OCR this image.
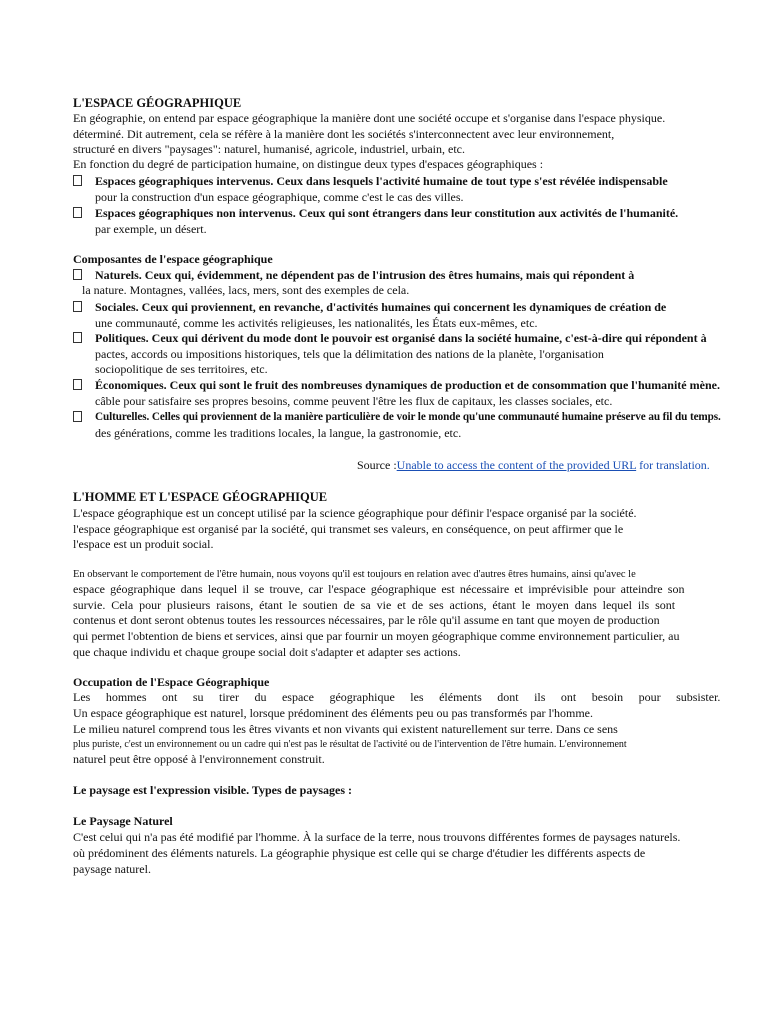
L'ESPACE GÉOGRAPHIQUE
En géographie, on entend par espace géographique la manière dont une société occupe et s'organise dans l'espace physique.
déterminé. Dit autrement, cela se réfère à la manière dont les sociétés s'interconnectent avec leur environnement,
structuré en divers "paysages": naturel, humanisé, agricole, industriel, urbain, etc.
En fonction du degré de participation humaine, on distingue deux types d'espaces géographiques :
Espaces géographiques intervenus. Ceux dans lesquels l'activité humaine de tout type s'est révélée indispensable
pour la construction d'un espace géographique, comme c'est le cas des villes.
Espaces géographiques non intervenus. Ceux qui sont étrangers dans leur constitution aux activités de l'humanité.
par exemple, un désert.
Composantes de l'espace géographique
Naturels. Ceux qui, évidemment, ne dépendent pas de l'intrusion des êtres humains, mais qui répondent à
la nature. Montagnes, vallées, lacs, mers, sont des exemples de cela.
Sociales. Ceux qui proviennent, en revanche, d'activités humaines qui concernent les dynamiques de création de
une communauté, comme les activités religieuses, les nationalités, les États eux-mêmes, etc.
Politiques. Ceux qui dérivent du mode dont le pouvoir est organisé dans la société humaine, c'est-à-dire qui répondent à
pactes, accords ou impositions historiques, tels que la délimitation des nations de la planète, l'organisation
sociopolitique de ses territoires, etc.
Économiques. Ceux qui sont le fruit des nombreuses dynamiques de production et de consommation que l'humanité mène.
câble pour satisfaire ses propres besoins, comme peuvent l'être les flux de capitaux, les classes sociales, etc.
Culturelles. Celles qui proviennent de la manière particulière de voir le monde qu'une communauté humaine préserve au fil du temps.
des générations, comme les traditions locales, la langue, la gastronomie, etc.
Source :Unable to access the content of the provided URL for translation.
L'HOMME ET L'ESPACE GÉOGRAPHIQUE
L'espace géographique est un concept utilisé par la science géographique pour définir l'espace organisé par la société.
l'espace géographique est organisé par la société, qui transmet ses valeurs, en conséquence, on peut affirmer que le
l'espace est un produit social.
En observant le comportement de l'être humain, nous voyons qu'il est toujours en relation avec d'autres êtres humains, ainsi qu'avec le
espace géographique dans lequel il se trouve, car l'espace géographique est nécessaire et imprévisible pour atteindre son
survie. Cela pour plusieurs raisons, étant le soutien de sa vie et de ses actions, étant le moyen dans lequel ils sont
contenus et dont seront obtenus toutes les ressources nécessaires, par le rôle qu'il assume en tant que moyen de production
qui permet l'obtention de biens et services, ainsi que par fournir un moyen géographique comme environnement particulier, au
que chaque individu et chaque groupe social doit s'adapter et adapter ses actions.
Occupation de l'Espace Géographique
Les hommes ont su tirer du espace géographique les éléments dont ils ont besoin pour subsister.
Un espace géographique est naturel, lorsque prédominent des éléments peu ou pas transformés par l'homme.
Le milieu naturel comprend tous les êtres vivants et non vivants qui existent naturellement sur terre. Dans ce sens
plus puriste, c'est un environnement ou un cadre qui n'est pas le résultat de l'activité ou de l'intervention de l'être humain. L'environnement
naturel peut être opposé à l'environnement construit.
Le paysage est l'expression visible. Types de paysages :
Le Paysage Naturel
C'est celui qui n'a pas été modifié par l'homme. À la surface de la terre, nous trouvons différentes formes de paysages naturels.
où prédominent des éléments naturels. La géographie physique est celle qui se charge d'étudier les différents aspects de
paysage naturel.
